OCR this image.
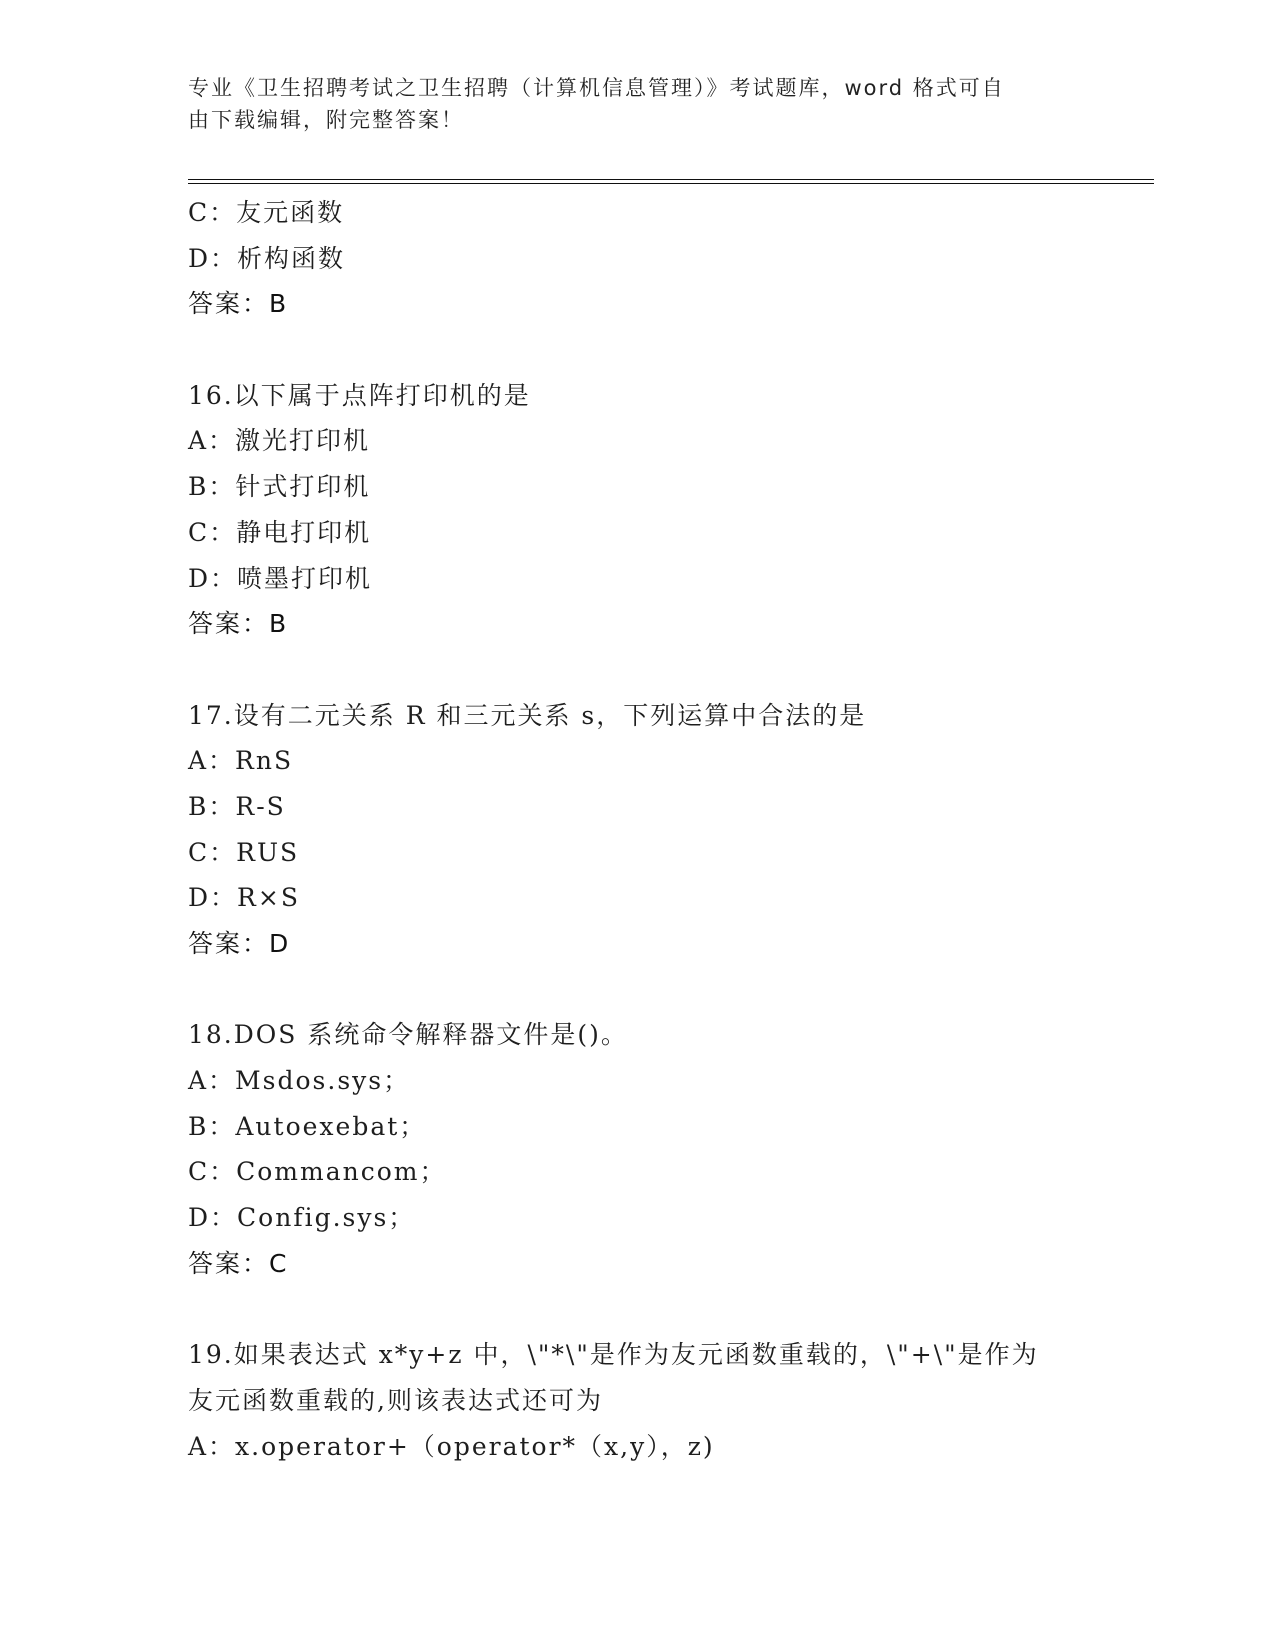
专业《卫生招聘考试之卫生招聘（计算机信息管理）》考试题库，word 格式可自
由下载编辑，附完整答案！
C：友元函数
D：析构函数
答案：B
16.以下属于点阵打印机的是
A：激光打印机
B：针式打印机
C：静电打印机
D：喷墨打印机
答案：B
17.设有二元关系 R 和三元关系 s，下列运算中合法的是
A：RnS
B：R-S
C：RUS
D：R×S
答案：D
18.DOS 系统命令解释器文件是()。
A：Msdos.sys；
B：Autoexebat；
C：Commancom；
D：Config.sys；
答案：C
19.如果表达式 x*y+z 中，\"*\"是作为友元函数重载的，\"+\"是作为
友元函数重载的,则该表达式还可为
A：x.operator+（operator*（x,y），z)
